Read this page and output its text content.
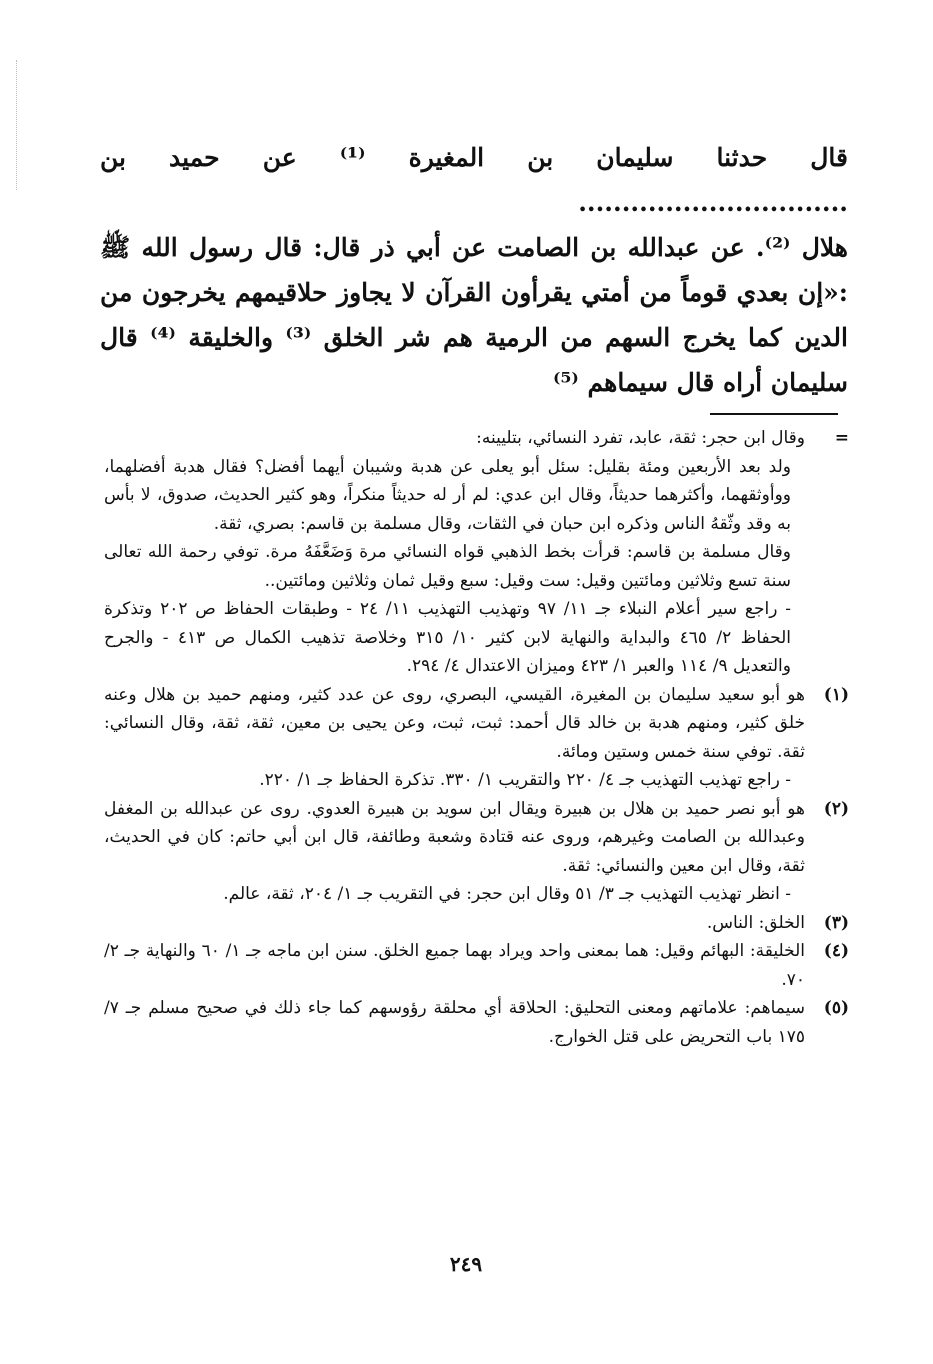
قال حدثنا سليمان بن المغيرة ⁽¹⁾ عن حميد بن ...............................

هلال ⁽²⁾. عن عبدالله بن الصامت عن أبي ذر قال: قال رسول الله ﷺ :«إن بعدي قوماً من أمتي يقرأون القرآن لا يجاوز حلاقيمهم يخرجون من الدين كما يخرج السهم من الرمية هم شر الخلق ⁽³⁾ والخليقة ⁽⁴⁾ قال سليمان أراه قال سيماهم ⁽⁵⁾

=
وقال ابن حجر: ثقة، عابد، تفرد النسائي، بتليينه:

ولد بعد الأربعين ومئة بقليل: سئل أبو يعلى عن هدبة وشيبان أيهما أفضل؟ فقال هدبة أفضلهما، ووأوثقهما، وأكثرهما حديثاً، وقال ابن عدي: لم أر له حديثاً منكراً، وهو كثير الحديث، صدوق، لا بأس به وقد وثّقهُ الناس وذكره ابن حبان في الثقات، وقال مسلمة بن قاسم: بصري، ثقة.

وقال مسلمة بن قاسم: قرأت بخط الذهبي قواه النسائي مرة وَضَعَّفَهُ مرة. توفي رحمة الله تعالى سنة تسع وثلاثين ومائتين وقيل: ست وقيل: سبع وقيل ثمان وثلاثين ومائتين..

- راجع سير أعلام النبلاء جـ ١١/ ٩٧ وتهذيب التهذيب ١١/ ٢٤ - وطبقات الحفاظ ص ٢٠٢ وتذكرة الحفاظ ٢/ ٤٦٥ والبداية والنهاية لابن كثير ١٠/ ٣١٥ وخلاصة تذهيب الكمال ص ٤١٣ - والجرح والتعديل ٩/ ١١٤ والعبر ١/ ٤٢٣ وميزان الاعتدال ٤/ ٢٩٤.

(١)

هو أبو سعيد سليمان بن المغيرة، القيسي، البصري، روى عن عدد كثير، ومنهم حميد بن هلال وعنه خلق كثير، ومنهم هدبة بن خالد قال أحمد: ثبت، ثبت، وعن يحيى بن معين، ثقة، ثقة، وقال النسائي: ثقة. توفي سنة خمس وستين ومائة.

- راجع تهذيب التهذيب جـ ٤/ ٢٢٠ والتقريب ١/ ٣٣٠. تذكرة الحفاظ جـ ١/ ٢٢٠.

(٢)

هو أبو نصر حميد بن هلال بن هبيرة ويقال ابن سويد بن هبيرة العدوي. روى عن عبدالله بن المغفل وعبدالله بن الصامت وغيرهم، وروى عنه قتادة وشعبة وطائفة، قال ابن أبي حاتم: كان في الحديث، ثقة، وقال ابن معين والنسائي: ثقة.

- انظر تهذيب التهذيب جـ ٣/ ٥١ وقال ابن حجر: في التقريب جـ ١/ ٢٠٤، ثقة، عالم.

(٣)

الخلق: الناس.

(٤)

الخليقة: البهائم وقيل: هما بمعنى واحد ويراد بهما جميع الخلق. سنن ابن ماجه جـ ١/ ٦٠ والنهاية جـ ٢/ ٧٠.

(٥)

سيماهم: علاماتهم ومعنى التحليق: الحلاقة أي محلقة رؤوسهم كما جاء ذلك في صحيح مسلم جـ ٧/ ١٧٥ باب التحريض على قتل الخوارج.

٢٤٩
